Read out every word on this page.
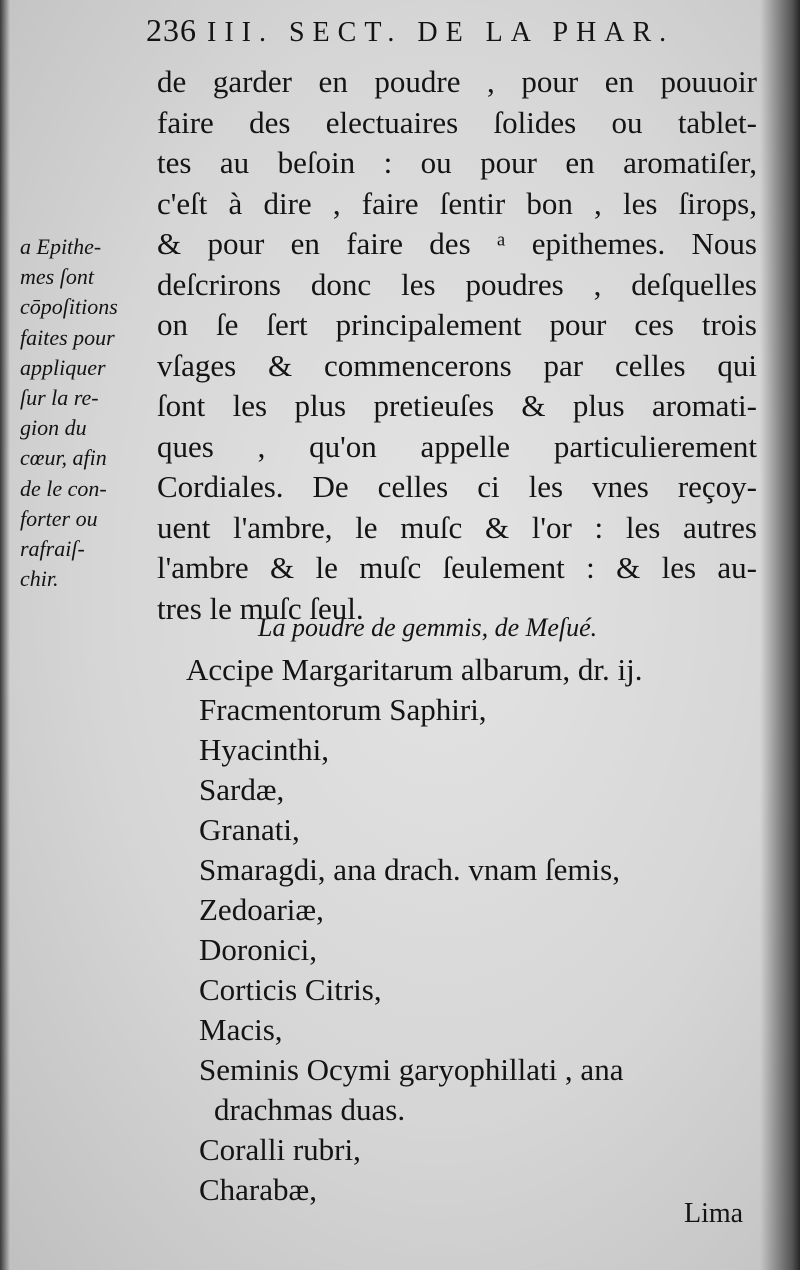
236 III. SECT. DE LA PHAR.
de garder en poudre , pour en pouuoir
faire des electuaires ſolides ou tablet-
tes au beſoin : ou pour en aromatiſer,
c'eſt à dire , faire ſentir bon , les ſirops,
& pour en faire des ᵃ epithemes. Nous
deſcrirons donc les poudres , deſquelles
on ſe ſert principalement pour ces trois
vſages & commencerons par celles qui
ſont les plus pretieuſes & plus aromati-
ques , qu'on appelle particulierement
Cordiales. De celles ci les vnes reçoy-
uent l'ambre, le muſc & l'or : les autres
l'ambre & le muſc ſeulement : & les au-
tres le muſc ſeul.
a Epithe-
mes ſont
cōpoſitions
faites pour
appliquer
ſur la re-
gion du
cœur, afin
de le con-
forter ou
rafraiſ-
chir.
La poudre de gemmis, de Meſué.
Accipe Margaritarum albarum, dr. ij.
Fracmentorum Saphiri,
Hyacinthi,
Sardæ,
Granati,
Smaragdi, ana drach. vnam ſemis,
Zedoariæ,
Doronici,
Corticis Citris,
Macis,
Seminis Ocymi garyophillati , ana
drachmas duas.
Coralli rubri,
Charabæ,
Lima
